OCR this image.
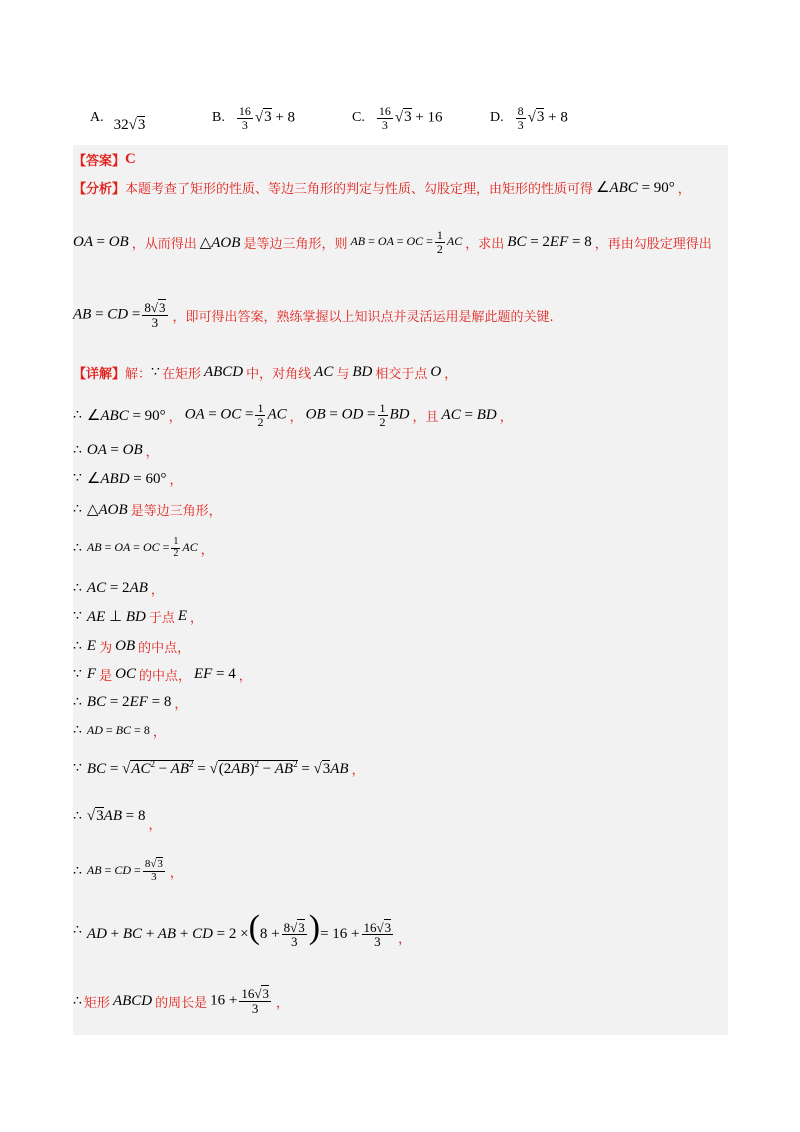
A. 32√3	B. $\frac{16}{3} √3 + 8$	C. $\frac{16}{3} √3 + 16$	D. $\frac{8}{3} √3 + 8$
【答案】 C
【分析】 本题考查了矩形的性质、等边三角形的判定与性质、勾股定理，由矩形的性质可得 ∠ABC = 90° ，
OA = OB ，从而得出 △AOB 是等边三角形，则 AB = OA = OC = $\frac{1}{2}$ AC ，求出 BC = 2EF = 8 ，再由勾股定理得出
AB = CD = $\frac{8√3}{3}$ ，即可得出答案，熟练掌握以上知识点并灵活运用是解此题的关键.
【详解】 解： ∵ 在矩形 ABCD 中，对角线 AC 与 BD 相交于点 O ，
∴ ∠ABC = 90° ， OA = OC = $\frac{1}{2}$ AC ， OB = OD = $\frac{1}{2}$ BD ， 且 AC = BD ，
∴ OA = OB ，
∵ ∠ABD = 60° ，
∴ △AOB 是等边三角形，
∴ AB = OA = OC = $\frac{1}{2}$ AC ，
∴ AC = 2AB ，
∵ AE ⊥ BD 于点 E ，
∴ E 为 OB 的中点，
∵ F 是 OC 的中点， EF = 4 ，
∴ BC = 2EF = 8 ，
∴ AD = BC = 8 ，
∵ BC = $√AC^2 - AB^2 = √(2AB)^2 - AB^2 = √3AB$ ，
∴ √3AB = 8
，
∴ AB = CD = $\frac{8√3}{3}$ ，
∴ AD + BC + AB + CD = $2 \times(8 + \frac{8√3}{3}$ )= $16 + \frac{16√3}{3}$ ，
∴ 矩形 ABCD 的周长是 $16 + \frac{16√3}{3}$ ，
